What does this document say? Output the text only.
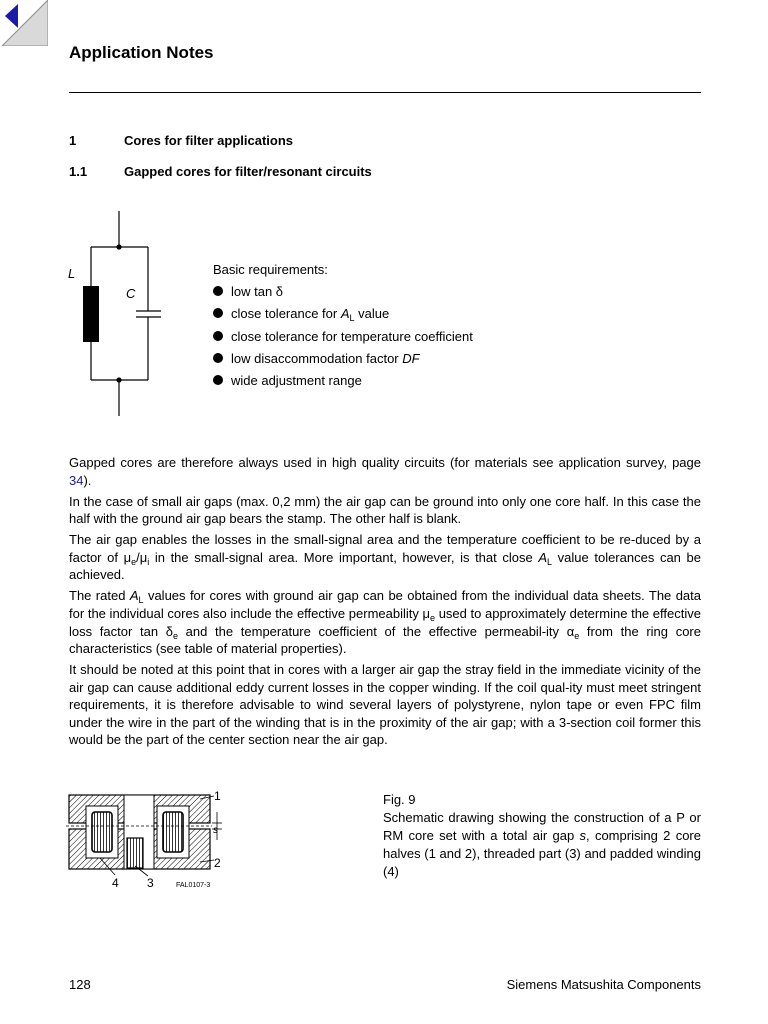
Application Notes
1	Cores for filter applications
1.1	Gapped cores for filter/resonant circuits
L
C
Basic requirements:
low tan δ
close tolerance for $A_L$ value
close tolerance for temperature coefficient
low disaccommodation factor DF
wide adjustment range

Gapped cores are therefore always used in high quality circuits (for materials see application survey, page 34).

In the case of small air gaps (max. 0,2 mm) the air gap can be ground into only one core half. In this case the half with the ground air gap bears the stamp. The other half is blank.

The air gap enables the losses in the small-signal area and the temperature coefficient to be re-duced by a factor of $\mu_e/\mu_i$ in the small-signal area. More important, however, is that close $A_L$ value tolerances can be achieved.

The rated $A_L$ values for cores with ground air gap can be obtained from the individual data sheets. The data for the individual cores also include the effective permeability $\mu_e$ used to approximately determine the effective loss factor $\tan \delta_e$ and the temperature coefficient of the effective permeabil-ity $\alpha_e$ from the ring core characteristics (see table of material properties).

It should be noted at this point that in cores with a larger air gap the stray field in the immediate vicinity of the air gap can cause additional eddy current losses in the copper winding. If the coil qual-ity must meet stringent requirements, it is therefore advisable to wind several layers of polystyrene, nylon tape or even FPC film under the wire in the part of the winding that is in the proximity of the air gap; with a 3-section coil former this would be the part of the center section near the air gap.

1
2
3
4
s
FAL0107-3
Fig. 9
Schematic drawing showing the construction of a P or RM core set with a total air gap s, comprising 2 core halves (1 and 2), threaded part (3) and padded winding (4)
128	Siemens Matsushita Components
